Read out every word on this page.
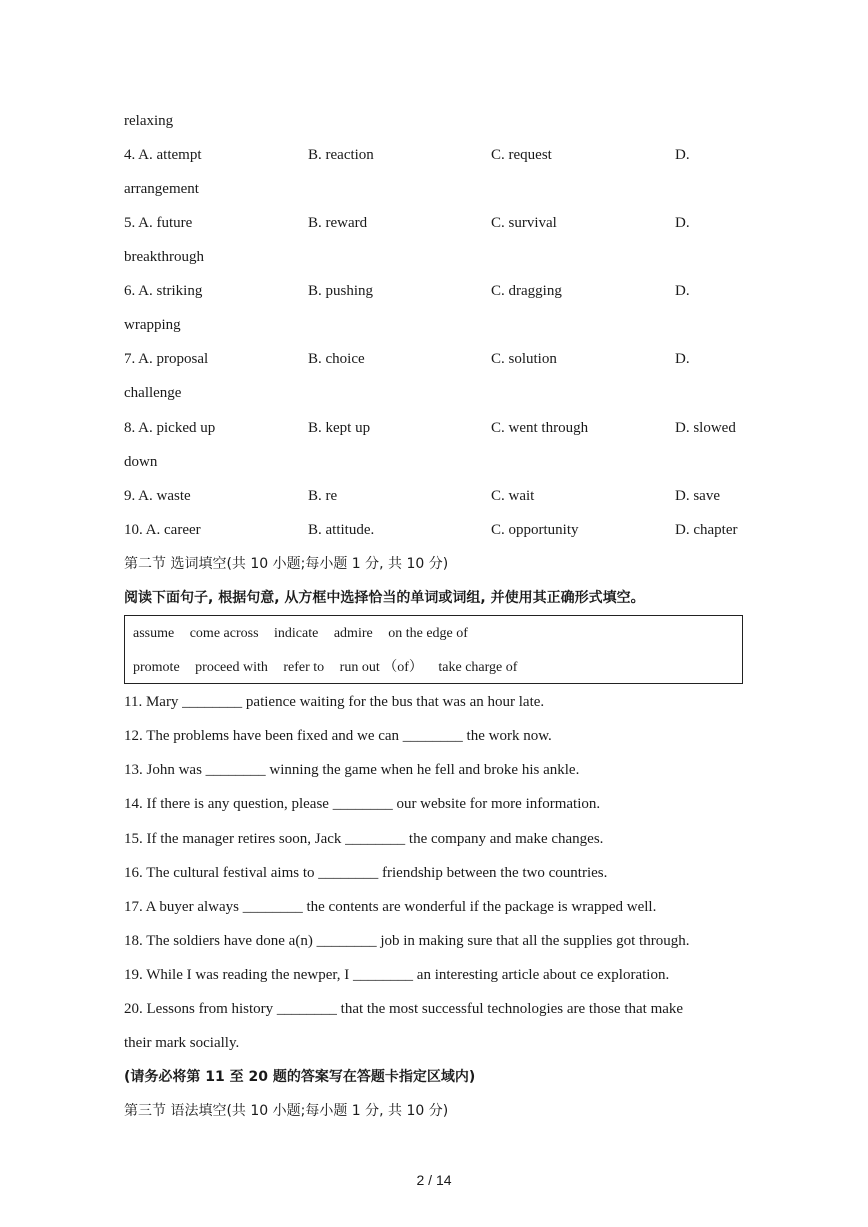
relaxing
4. A. attempt	B. reaction	C. request	D.
arrangement
5. A. future	B. reward	C. survival	D.
breakthrough
6. A. striking	B. pushing	C. dragging	D.
wrapping
7. A. proposal	B. choice	C. solution	D.
challenge
8. A. picked up	B. kept up	C. went through	D. slowed
down
9. A. waste	B. re	C. wait	D. save
10. A. career	B. attitude.	C. opportunity	D. chapter
第二节 选词填空(共 10 小题;每小题 1 分, 共 10 分)
阅读下面句子, 根据句意, 从方框中选择恰当的单词或词组, 并使用其正确形式填空。
assume come across indicate admire on the edge of
promote proceed with refer to run out （of） take charge of
11. Mary ________ patience waiting for the bus that was an hour late.
12. The problems have been fixed and we can ________ the work now.
13. John was ________ winning the game when he fell and broke his ankle.
14. If there is any question, please ________ our website for more information.
15. If the manager retires soon, Jack ________ the company and make changes.
16. The cultural festival aims to ________ friendship between the two countries.
17. A buyer always ________ the contents are wonderful if the package is wrapped well.
18. The soldiers have done a(n) ________ job in making sure that all the supplies got through.
19. While I was reading the newper, I ________ an interesting article about ce exploration.
20. Lessons from history ________ that the most successful technologies are those that make
their mark socially.
(请务必将第 11 至 20 题的答案写在答题卡指定区域内)
第三节 语法填空(共 10 小题;每小题 1 分, 共 10 分)
2 / 14
